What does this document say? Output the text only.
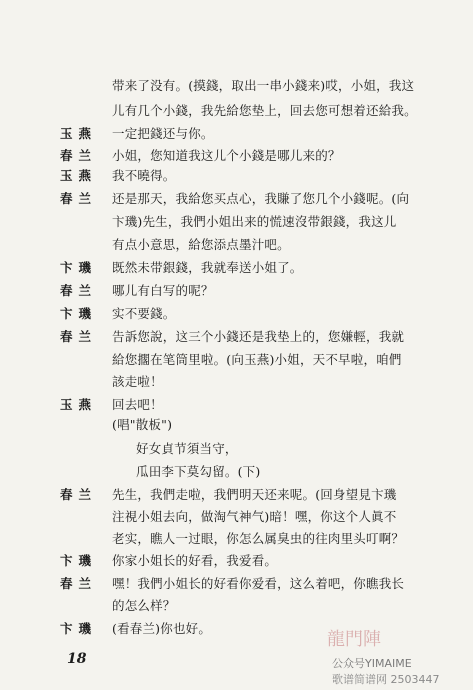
带来了没有。(摸錢，取出一串小錢来)哎，小姐，我这
儿有几个小錢，我先給您垫上，回去您可想着还給我。
玉燕 一定把錢还与你。
春兰 小姐，您知道我这儿个小錢是哪儿来的？
玉燕 我不曉得。
春兰 还是那天，我給您买点心，我賺了您几个小錢呢。(向
卞璣)先生，我們小姐出来的慌速沒带銀錢，我这儿
有点小意思，給您添点墨汁吧。
卞璣 既然未带銀錢，我就奉送小姐了。
春兰 哪儿有白写的呢？
卞璣 实不要錢。
春兰 告訴您說，这三个小錢还是我垫上的，您嫌輕，我就
給您擱在笔筒里啦。(向玉燕)小姐，天不早啦，咱們
該走啦！
玉燕 回去吧！
(唱"散板")
好女貞节須当守，
瓜田李下莫勾留。(下)
春兰 先生，我們走啦，我們明天还来呢。(回身望見卞璣
注視小姐去向，做淘气神气)暗！嘿，你这个人眞不
老实，瞧人一过眼，你怎么属臭虫的往肉里头叮啊？
卞璣 你家小姐长的好看，我爱看。
春兰 嘿！我們小姐长的好看你爱看，这么着吧，你瞧我长
的怎么样？
卞璣 (看春兰)你也好。
18
龍門陣
公众号YIMAIME
歌谱简谱网 2503447
